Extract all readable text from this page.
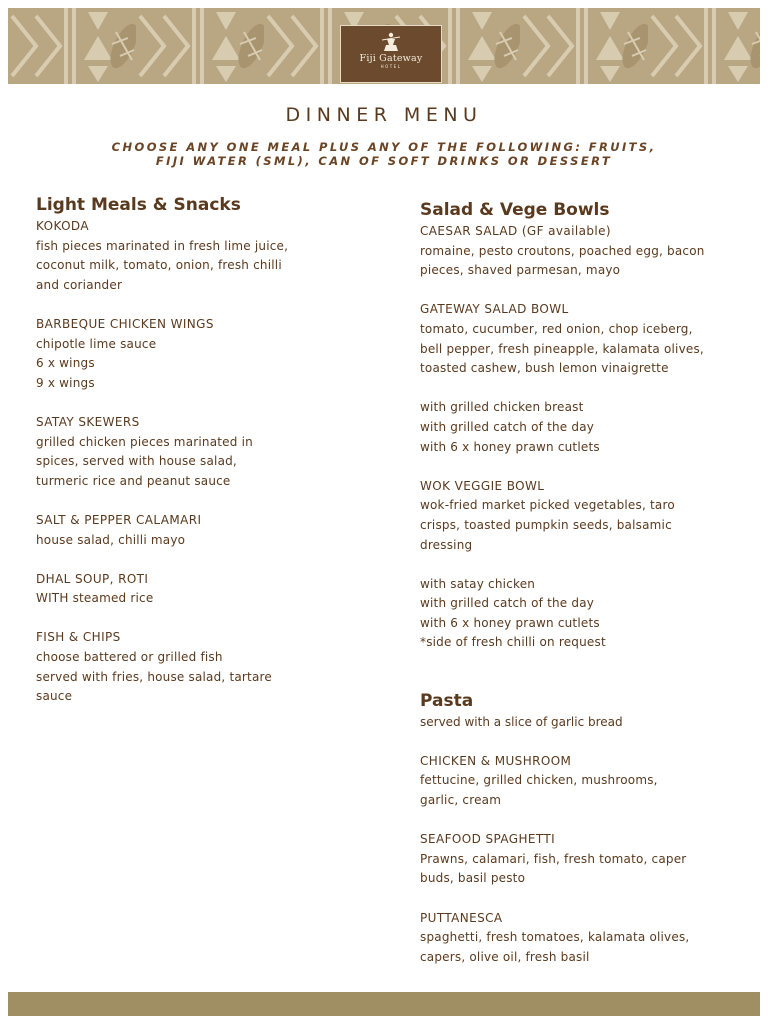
Fiji Gateway
HOTEL
DINNER MENU
CHOOSE ANY ONE MEAL PLUS ANY OF THE FOLLOWING: FRUITS,
FIJI WATER (SML), CAN OF SOFT DRINKS OR DESSERT
Light Meals & Snacks
KOKODA
fish pieces marinated in fresh lime juice,
coconut milk, tomato, onion, fresh chilli
and coriander
BARBEQUE CHICKEN WINGS
chipotle lime sauce
6 x wings
9 x wings
SATAY SKEWERS
grilled chicken pieces marinated in
spices, served with house salad,
turmeric rice and peanut sauce
SALT & PEPPER CALAMARI
house salad, chilli mayo
DHAL SOUP, ROTI
WITH steamed rice
FISH & CHIPS
choose battered or grilled fish
served with fries, house salad, tartare
sauce
Salad & Vege Bowls
CAESAR SALAD (GF available)
romaine, pesto croutons, poached egg, bacon
pieces, shaved parmesan, mayo
GATEWAY SALAD BOWL
tomato, cucumber, red onion, chop iceberg,
bell pepper, fresh pineapple, kalamata olives,
toasted cashew, bush lemon vinaigrette
with grilled chicken breast
with grilled catch of the day
with 6 x honey prawn cutlets
WOK VEGGIE BOWL
wok-fried market picked vegetables, taro
crisps, toasted pumpkin seeds, balsamic
dressing
with satay chicken
with grilled catch of the day
with 6 x honey prawn cutlets
*side of fresh chilli on request
Pasta
served with a slice of garlic bread
CHICKEN & MUSHROOM
fettucine, grilled chicken, mushrooms,
garlic, cream
SEAFOOD SPAGHETTI
Prawns, calamari, fish, fresh tomato, caper
buds, basil pesto
PUTTANESCA
spaghetti, fresh tomatoes, kalamata olives,
capers, olive oil, fresh basil
